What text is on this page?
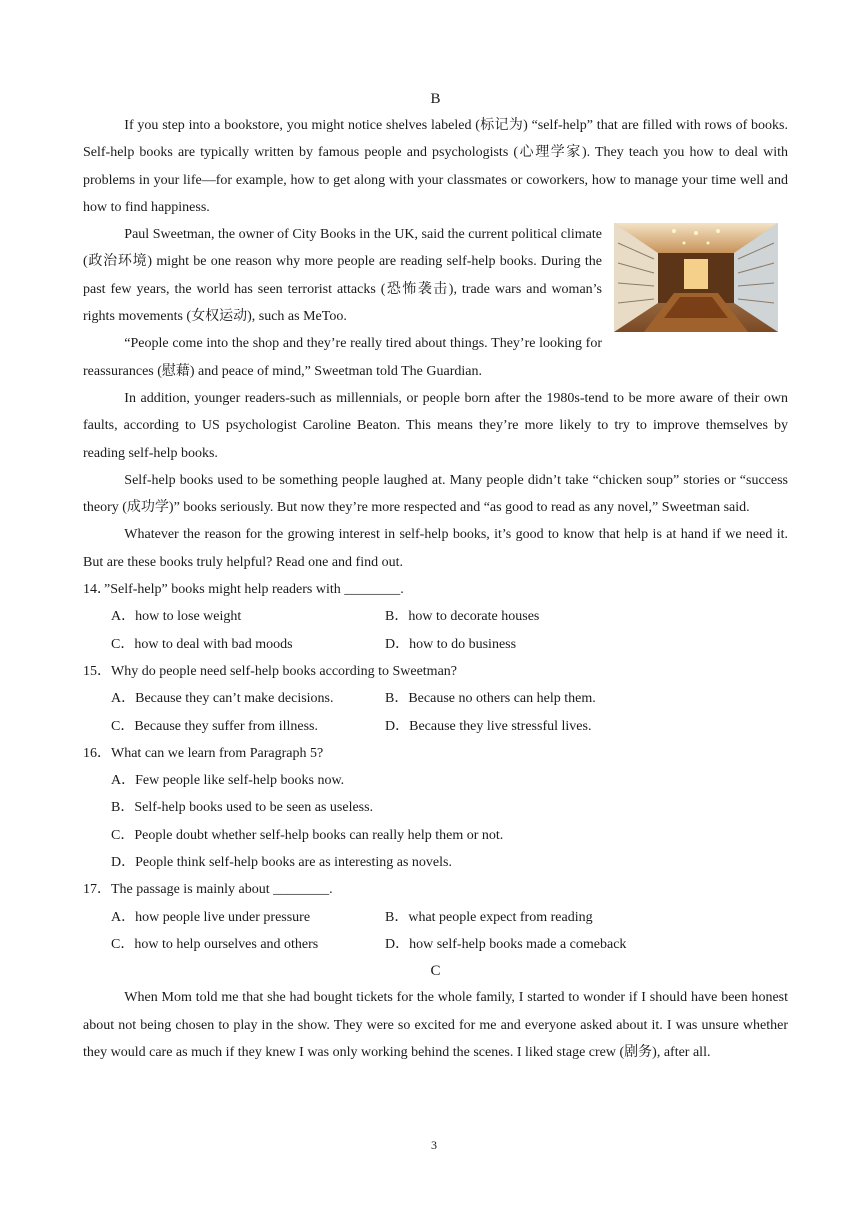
B

If you step into a bookstore, you might notice shelves labeled (标记为) “self-help” that are filled with rows of books. Self-help books are typically written by famous people and psychologists (心理学家). They teach you how to deal with problems in your life—for example, how to get along with your classmates or coworkers, how to manage your time well and how to find happiness.

Paul Sweetman, the owner of City Books in the UK, said the current political climate (政治环境) might be one reason why more people are reading self-help books. During the past few years, the world has seen terrorist attacks (恐怖袭击), trade wars and woman’s rights movements (女权运动), such as MeToo.

“People come into the shop and they’re really tired about things. They’re looking for reassurances (慰藉) and peace of mind,” Sweetman told The Guardian.

In addition, younger readers-such as millennials, or people born after the 1980s-tend to be more aware of their own faults, according to US psychologist Caroline Beaton. This means they’re more likely to try to improve themselves by reading self-help books.

Self-help books used to be something people laughed at. Many people didn’t take “chicken soup” stories or “success theory (成功学)” books seriously. But now they’re more respected and “as good to read as any novel,” Sweetman said.

Whatever the reason for the growing interest in self-help books, it’s good to know that help is at hand if we need it. But are these books truly helpful? Read one and find out.

14．”Self-help” books might help readers with ________.
A．how to lose weight	B．how to decorate houses
C．how to deal with bad moods	D．how to do business
15．Why do people need self-help books according to Sweetman?
A．Because they can’t make decisions.	B．Because no others can help them.
C．Because they suffer from illness.	D．Because they live stressful lives.
16．What can we learn from Paragraph 5?
A．Few people like self-help books now.
B．Self-help books used to be seen as useless.
C．People doubt whether self-help books can really help them or not.
D．People think self-help books are as interesting as novels.
17．The passage is mainly about ________.
A．how people live under pressure	B．what people expect from reading
C．how to help ourselves and others	D．how self-help books made a comeback
C

When Mom told me that she had bought tickets for the whole family, I started to wonder if I should have been honest about not being chosen to play in the show. They were so excited for me and everyone asked about it. I was unsure whether they would care as much if they knew I was only working behind the scenes. I liked stage crew (剧务), after all.

3
